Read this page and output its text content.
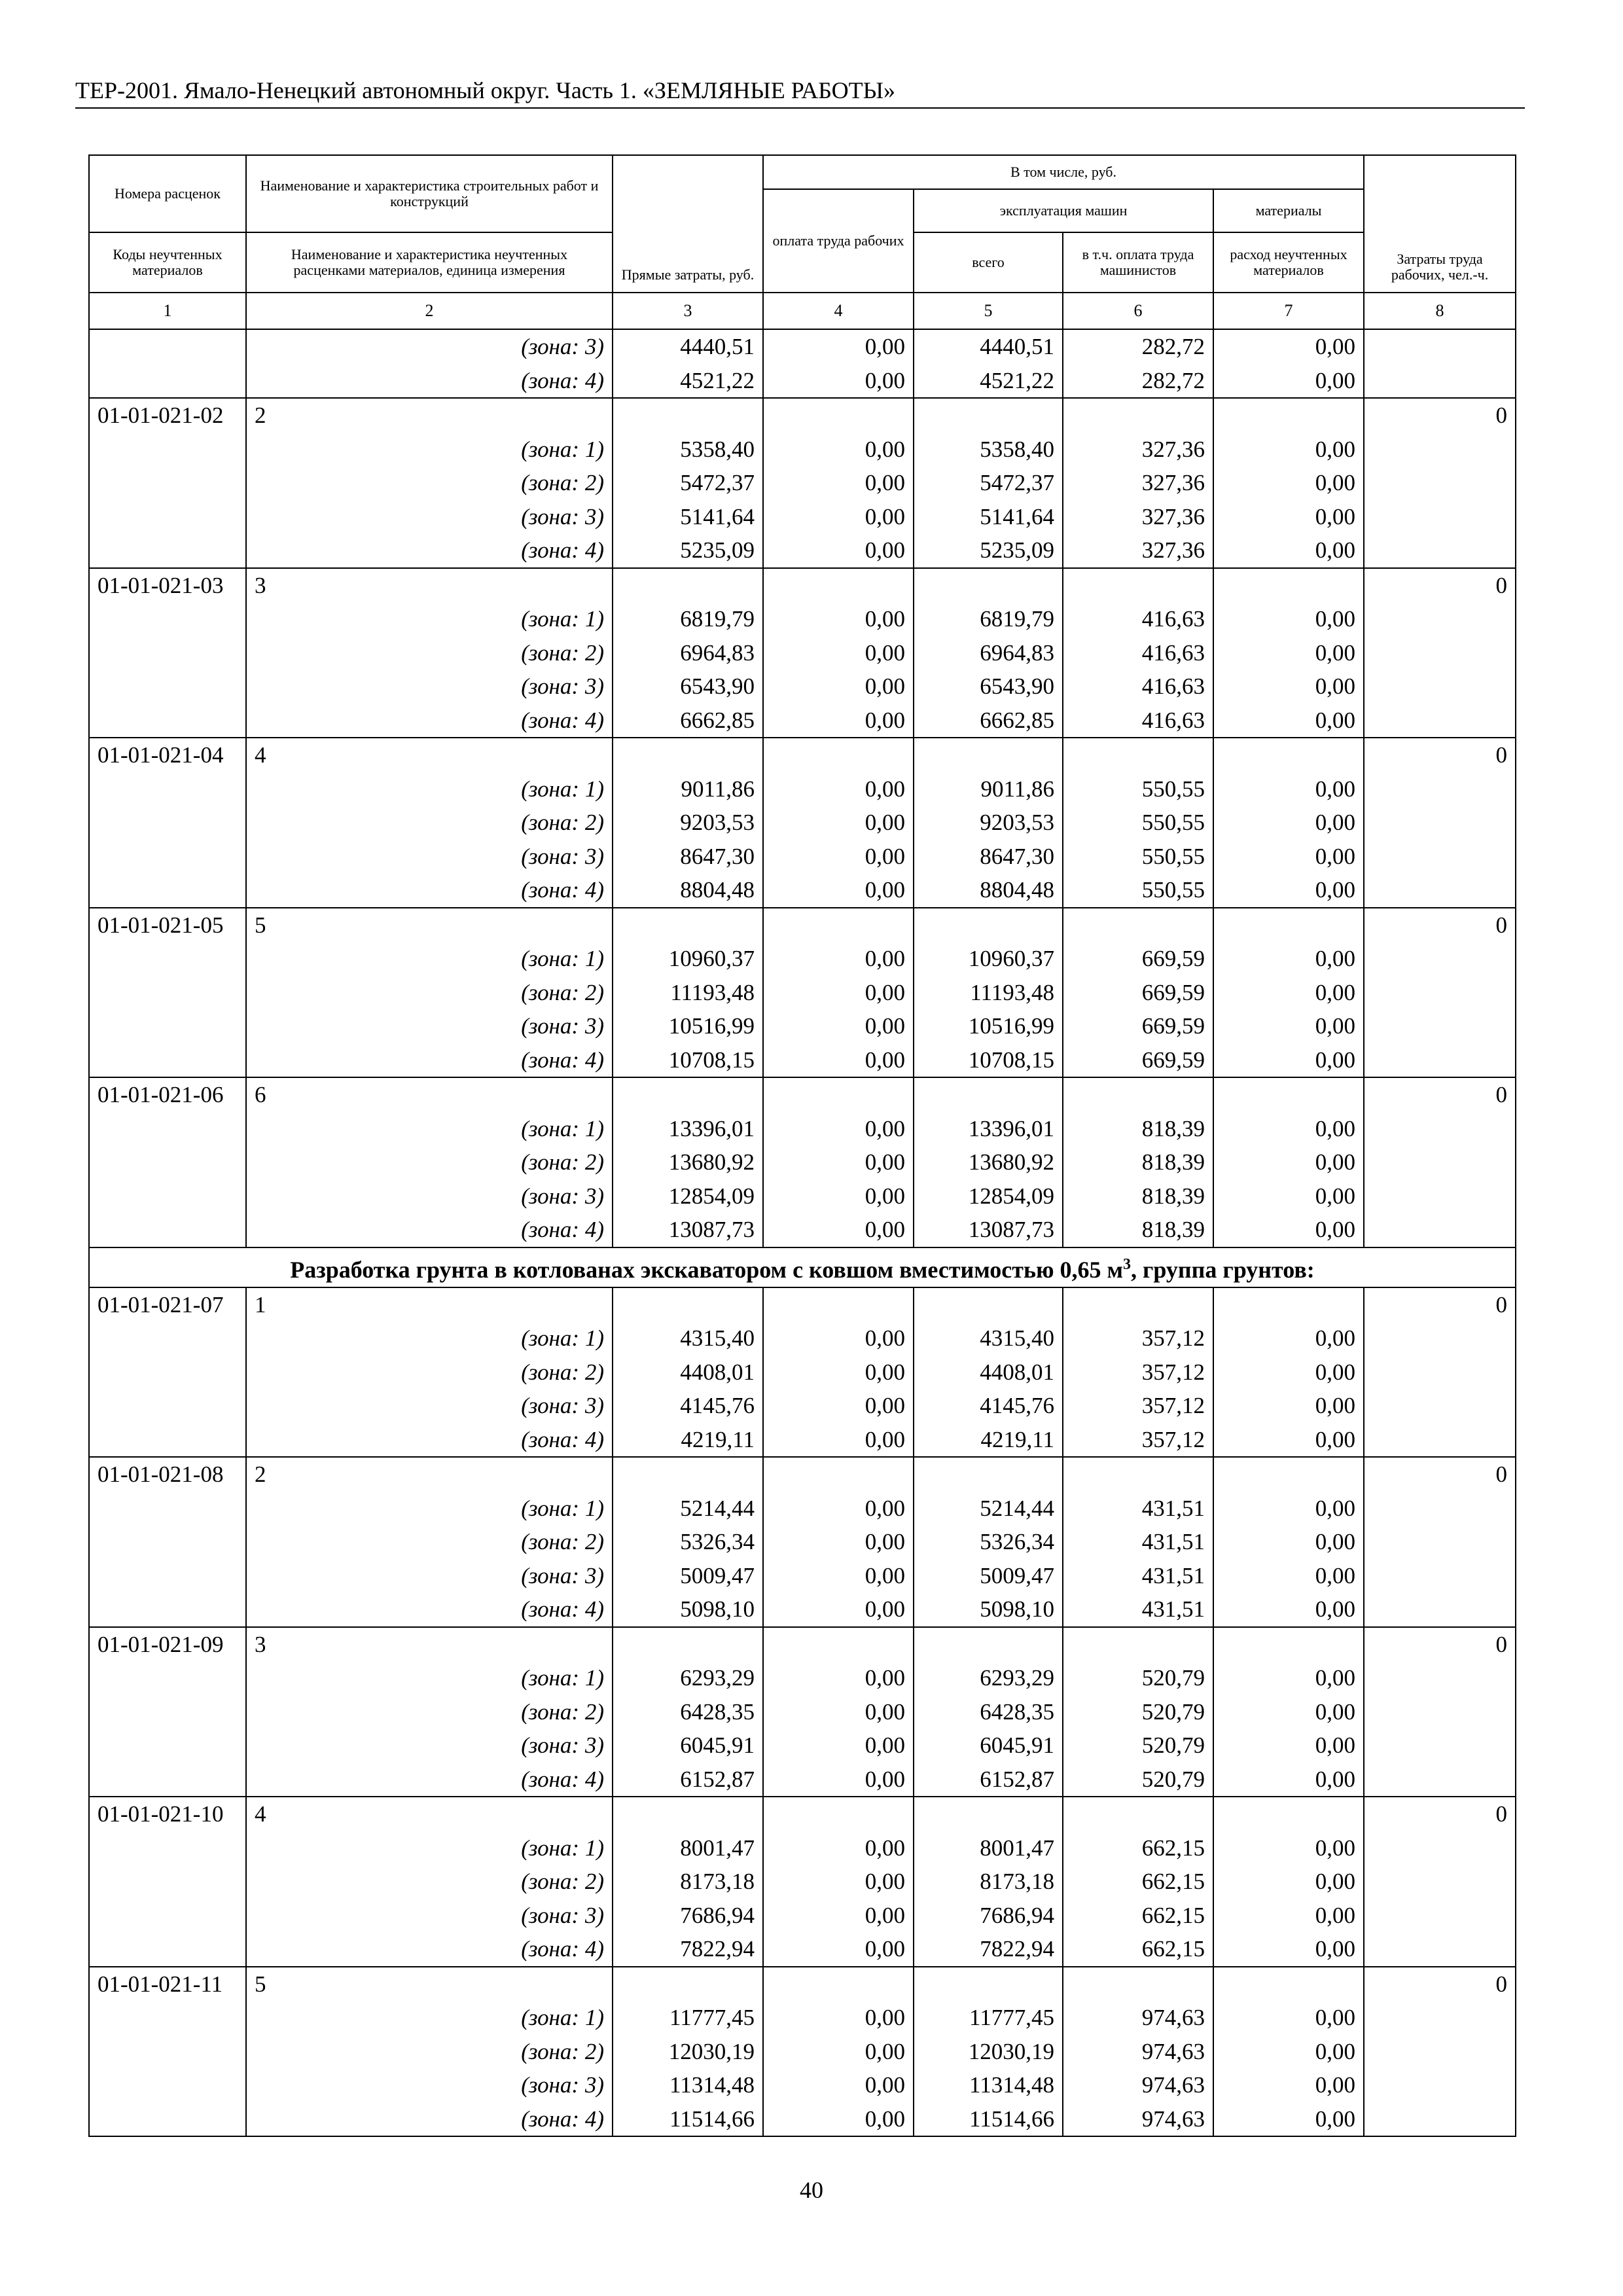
ТЕР-2001. Ямало-Ненецкий автономный округ. Часть 1. «ЗЕМЛЯНЫЕ РАБОТЫ»
Номера расценок	Наименование и характеристика строительных работ и конструкций	Прямые затраты, руб.	В том числе, руб.				Затраты труда рабочих, чел.-ч.
			оплата труда рабочих	эксплуатация машин		материалы	
Коды неучтенных материалов	Наименование и характеристика неучтенных расценками материалов, единица измерения			всего	в т.ч. оплата труда машинистов	расход неучтенных материалов	
1	2	3	4	5	6	7	8
	(зона: 3)	4440,51	0,00	4440,51	282,72	0,00	
	(зона: 4)	4521,22	0,00	4521,22	282,72	0,00	
01-01-021-02	2						0
	(зона: 1)	5358,40	0,00	5358,40	327,36	0,00	
	(зона: 2)	5472,37	0,00	5472,37	327,36	0,00	
	(зона: 3)	5141,64	0,00	5141,64	327,36	0,00	
	(зона: 4)	5235,09	0,00	5235,09	327,36	0,00	
01-01-021-03	3						0
	(зона: 1)	6819,79	0,00	6819,79	416,63	0,00	
	(зона: 2)	6964,83	0,00	6964,83	416,63	0,00	
	(зона: 3)	6543,90	0,00	6543,90	416,63	0,00	
	(зона: 4)	6662,85	0,00	6662,85	416,63	0,00	
01-01-021-04	4						0
	(зона: 1)	9011,86	0,00	9011,86	550,55	0,00	
	(зона: 2)	9203,53	0,00	9203,53	550,55	0,00	
	(зона: 3)	8647,30	0,00	8647,30	550,55	0,00	
	(зона: 4)	8804,48	0,00	8804,48	550,55	0,00	
01-01-021-05	5						0
	(зона: 1)	10960,37	0,00	10960,37	669,59	0,00	
	(зона: 2)	11193,48	0,00	11193,48	669,59	0,00	
	(зона: 3)	10516,99	0,00	10516,99	669,59	0,00	
	(зона: 4)	10708,15	0,00	10708,15	669,59	0,00	
01-01-021-06	6						0
	(зона: 1)	13396,01	0,00	13396,01	818,39	0,00	
	(зона: 2)	13680,92	0,00	13680,92	818,39	0,00	
	(зона: 3)	12854,09	0,00	12854,09	818,39	0,00	
	(зона: 4)	13087,73	0,00	13087,73	818,39	0,00	
Разработка грунта в котлованах экскаватором с ковшом вместимостью 0,65 $м^3$, группа грунтов:							
01-01-021-07	1						0
	(зона: 1)	4315,40	0,00	4315,40	357,12	0,00	
	(зона: 2)	4408,01	0,00	4408,01	357,12	0,00	
	(зона: 3)	4145,76	0,00	4145,76	357,12	0,00	
	(зона: 4)	4219,11	0,00	4219,11	357,12	0,00	
01-01-021-08	2						0
	(зона: 1)	5214,44	0,00	5214,44	431,51	0,00	
	(зона: 2)	5326,34	0,00	5326,34	431,51	0,00	
	(зона: 3)	5009,47	0,00	5009,47	431,51	0,00	
	(зона: 4)	5098,10	0,00	5098,10	431,51	0,00	
01-01-021-09	3						0
	(зона: 1)	6293,29	0,00	6293,29	520,79	0,00	
	(зона: 2)	6428,35	0,00	6428,35	520,79	0,00	
	(зона: 3)	6045,91	0,00	6045,91	520,79	0,00	
	(зона: 4)	6152,87	0,00	6152,87	520,79	0,00	
01-01-021-10	4						0
	(зона: 1)	8001,47	0,00	8001,47	662,15	0,00	
	(зона: 2)	8173,18	0,00	8173,18	662,15	0,00	
	(зона: 3)	7686,94	0,00	7686,94	662,15	0,00	
	(зона: 4)	7822,94	0,00	7822,94	662,15	0,00	
01-01-021-11	5						0
	(зона: 1)	11777,45	0,00	11777,45	974,63	0,00	
	(зона: 2)	12030,19	0,00	12030,19	974,63	0,00	
	(зона: 3)	11314,48	0,00	11314,48	974,63	0,00	
	(зона: 4)	11514,66	0,00	11514,66	974,63	0,00	
40
